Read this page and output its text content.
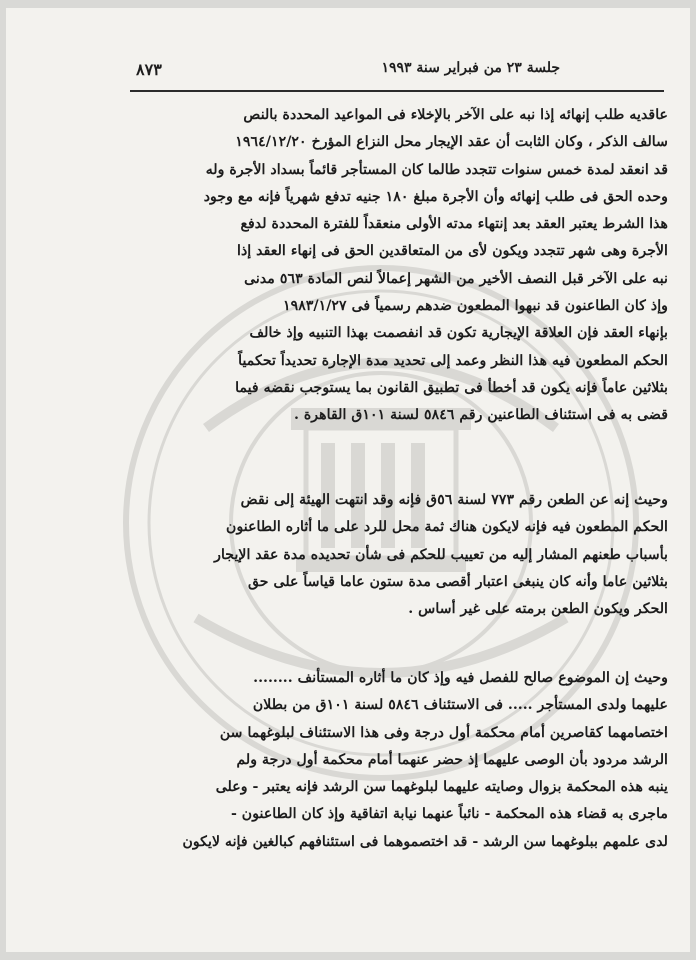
جلسة ٢٣ من فبراير سنة ١٩٩٣
٨٧٣
عاقديه طلب إنهائه إذا نبه على الآخر بالإخلاء فى المواعيد المحددة بالنص
سالف الذكر ، وكان الثابت أن عقد الإيجار محل النزاع المؤرخ ١٩٦٤/١٢/٢٠
قد انعقد لمدة خمس سنوات تتجدد طالما كان المستأجر قائماً بسداد الأجرة وله
وحده الحق فى طلب إنهائه وأن الأجرة مبلغ ١٨٠ جنيه تدفع شهرياً فإنه مع وجود
هذا الشرط يعتبر العقد بعد إنتهاء مدته الأولى منعقداً للفترة المحددة لدفع
الأجرة وهى شهر تتجدد ويكون لأى من المتعاقدين الحق فى إنهاء العقد إذا
نبه على الآخر قبل النصف الأخير من الشهر إعمالاً لنص المادة ٥٦٣ مدنى
وإذ كان الطاعنون قد نبهوا المطعون ضدهم رسمياً فى ١٩٨٣/١/٢٧
بإنهاء العقد فإن العلاقة الإيجارية تكون قد انفصمت بهذا التنبيه وإذ خالف
الحكم المطعون فيه هذا النظر وعمد إلى تحديد مدة الإجارة تحديداً تحكمياً
بثلاثين عاماً فإنه يكون قد أخطأ فى تطبيق القانون بما يستوجب نقضه فيما
قضى به فى استئناف الطاعنين رقم ٥٨٤٦ لسنة ١٠١ق القاهرة .
وحيث إنه عن الطعن رقم ٧٧٣ لسنة ٥٦ق فإنه وقد انتهت الهيئة إلى نقض
الحكم المطعون فيه فإنه لايكون هناك ثمة محل للرد على ما أثاره الطاعنون
بأسباب طعنهم المشار إليه من تعييب للحكم فى شأن تحديده مدة عقد الإيجار
بثلاثين عاما وأنه كان ينبغى اعتبار أقصى مدة ستون عاما قياساً على حق
الحكر ويكون الطعن برمته على غير أساس .
وحيث إن الموضوع صالح للفصل فيه وإذ كان ما أثاره المستأنف ........
عليهما ولدى المستأجر ..... فى الاستئناف ٥٨٤٦ لسنة ١٠١ق من بطلان
اختصامهما كقاصرين أمام محكمة أول درجة وفى هذا الاستئناف لبلوغهما سن
الرشد مردود بأن الوصى عليهما إذ حضر عنهما أمام محكمة أول درجة ولم
ينبه هذه المحكمة بزوال وصايته عليهما لبلوغهما سن الرشد فإنه يعتبر - وعلى
ماجرى به قضاء هذه المحكمة - نائباً عنهما نيابة اتفاقية وإذ كان الطاعنون -
لدى علمهم ببلوغهما سن الرشد - قد اختصموهما فى استئنافهم كبالغين فإنه لايكون
